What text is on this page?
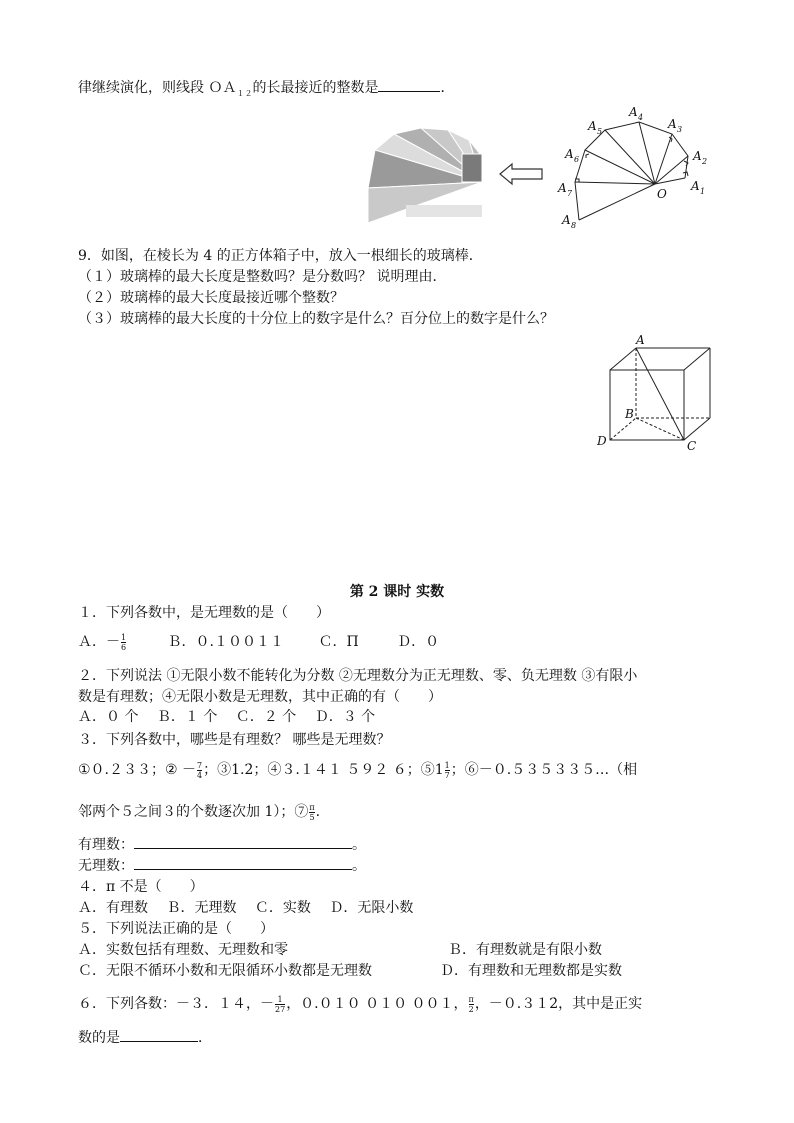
律继续演化，则线段 ＯＡ$_{12}$的长最接近的整数是	．
O
A 1
A 2
A 3
A 4
A 5
A 6
A 7
A 8
9．如图，在棱长为 4 的正方体箱子中，放入一根细长的玻璃棒．
（１）玻璃棒的最大长度是整数吗？是分数吗？ 说明理由．
（２）玻璃棒的最大长度最接近哪个整数？
（３）玻璃棒的最大长度的十分位上的数字是什么？百分位上的数字是什么？
A
B
C
D
第 2 课时 实数
１．下列各数中，是无理数的是（　　）
Ａ．－ $\frac{1}{6}$	Ｂ．０.１００１１ Ｃ．Π	Ｄ．０
２．下列说法 ①无限小数不能转化为分数 ②无理数分为正无理数、零、负无理数 ③有限小
数是有理数；④无限小数是无理数，其中正确的有（　　）
Ａ．０ 个　 Ｂ．１ 个　 Ｃ．２ 个　 Ｄ．３ 个
３．下列各数中，哪些是有理数？ 哪些是无理数？
①０.２３３；② － $\frac{7}{4}$ ；③1.2̇；④３.１４１ ５９２ ６；⑤1 $\frac{1}{7}$ ；⑥－０.５３５３３５…（相
邻两个５之间３的个数逐次加 1）；⑦ $\frac{\pi}{5}$ .
有理数：	。
无理数：	。
４．π 不是（　　）
Ａ．有理数　 Ｂ．无理数　 Ｃ．实数　 Ｄ．无限小数
５．下列说法正确的是（　　）
Ａ．实数包括有理数、无理数和零	Ｂ．有理数就是有限小数
Ｃ．无限不循环小数和无限循环小数都是无理数	Ｄ．有理数和无理数都是实数
６．下列各数：－３．１４，－ $\frac{1}{27}$ ，０.０１０ ０１０ ００１， $\frac{\pi}{2}$ ，－０.３１2̇，其中是正实
数的是	．
